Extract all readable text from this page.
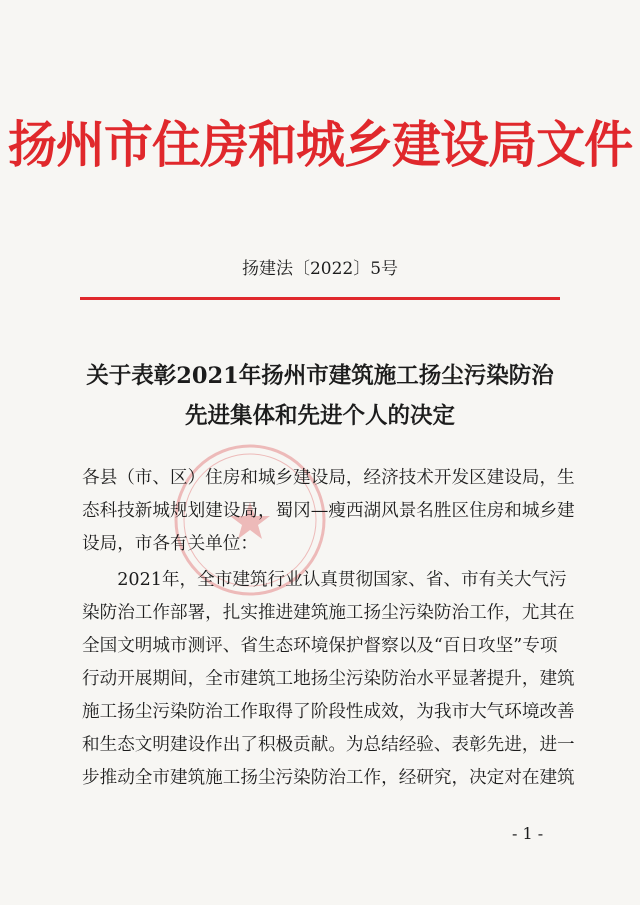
扬州市住房和城乡建设局文件
扬建法〔2022〕5号
关于表彰2021年扬州市建筑施工扬尘污染防治
先进集体和先进个人的决定
各县（市、区）住房和城乡建设局，经济技术开发区建设局，生
态科技新城规划建设局，蜀冈—瘦西湖风景名胜区住房和城乡建
设局，市各有关单位：
　　2021年，全市建筑行业认真贯彻国家、省、市有关大气污
染防治工作部署，扎实推进建筑施工扬尘污染防治工作，尤其在
全国文明城市测评、省生态环境保护督察以及“百日攻坚”专项
行动开展期间，全市建筑工地扬尘污染防治水平显著提升，建筑
施工扬尘污染防治工作取得了阶段性成效，为我市大气环境改善
和生态文明建设作出了积极贡献。为总结经验、表彰先进，进一
步推动全市建筑施工扬尘污染防治工作，经研究，决定对在建筑
- 1 -
